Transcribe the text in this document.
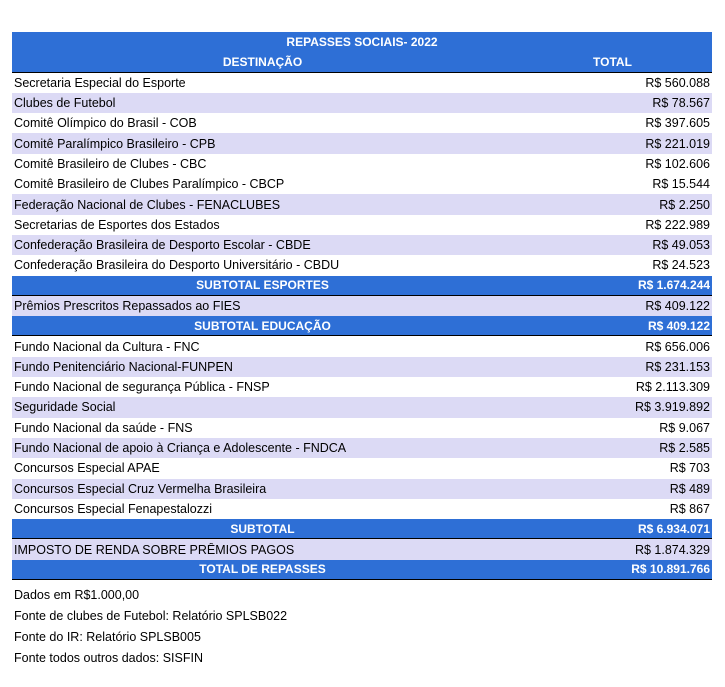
REPASSES SOCIAIS- 2022
DESTINAÇÃO	TOTAL
Secretaria Especial do Esporte	R$ 560.088
Clubes de Futebol	R$ 78.567
Comitê Olímpico do Brasil - COB	R$ 397.605
Comitê Paralímpico Brasileiro - CPB	R$ 221.019
Comitê Brasileiro de Clubes - CBC	R$ 102.606
Comitê Brasileiro de Clubes Paralímpico - CBCP	R$ 15.544
Federação Nacional de Clubes - FENACLUBES	R$ 2.250
Secretarias de Esportes dos Estados	R$ 222.989
Confederação Brasileira de Desporto Escolar - CBDE	R$ 49.053
Confederação Brasileira do Desporto Universitário - CBDU	R$ 24.523
SUBTOTAL ESPORTES	R$ 1.674.244
Prêmios Prescritos Repassados ao FIES	R$ 409.122
SUBTOTAL EDUCAÇÃO	R$ 409.122
Fundo Nacional da Cultura - FNC	R$ 656.006
Fundo Penitenciário Nacional-FUNPEN	R$ 231.153
Fundo Nacional de segurança Pública - FNSP	R$ 2.113.309
Seguridade Social	R$ 3.919.892
Fundo Nacional da saúde - FNS	R$ 9.067
Fundo Nacional de apoio à Criança e Adolescente - FNDCA	R$ 2.585
Concursos Especial APAE	R$ 703
Concursos Especial Cruz Vermelha Brasileira	R$ 489
Concursos Especial Fenapestalozzi	R$ 867
SUBTOTAL	R$ 6.934.071
IMPOSTO DE RENDA SOBRE PRÊMIOS PAGOS	R$ 1.874.329
TOTAL DE REPASSES	R$ 10.891.766
Dados em R$1.000,00
Fonte de clubes de Futebol: Relatório SPLSB022
Fonte do IR: Relatório SPLSB005
Fonte todos outros dados: SISFIN
